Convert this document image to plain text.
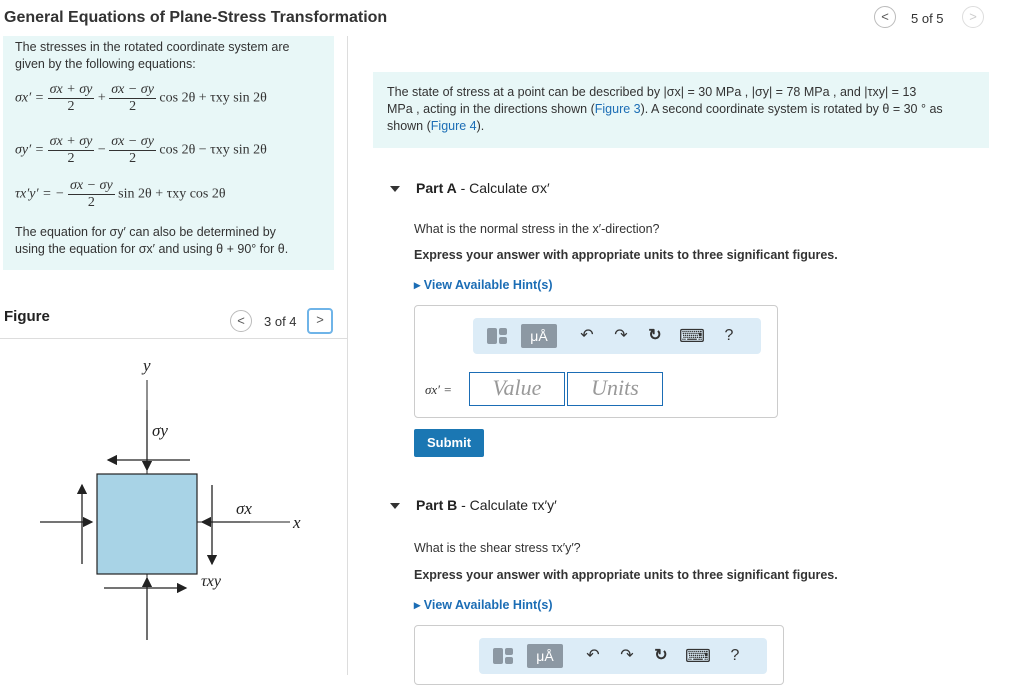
General Equations of Plane-Stress Transformation	<	5 of 5	>
The stresses in the rotated coordinate system are
given by the following equations:
$\sigma x' = \frac{\sigma x + \sigma y}{2} + \frac{\sigma x - \sigma y}{2}$ cos 2θ + τxy sin 2θ
$\sigma y' = \frac{\sigma x + \sigma y}{2} - \frac{\sigma x - \sigma y}{2}$ cos 2θ − τxy sin 2θ
τx′y′ = − $\frac{\sigma x - \sigma y}{2}$ sin 2θ + τxy cos 2θ
The equation for σy′ can also be determined by
using the equation for σx′ and using θ + 90° for θ.
Figure	<	3 of 4	>
y
x
σy
σx
τxy
The state of stress at a point can be described by |σx| = 30 MPa , |σy| = 78 MPa , and |τxy| = 13
MPa , acting in the directions shown (Figure 3). A second coordinate system is rotated by θ = 30 ° as
shown (Figure 4).
Part A - Calculate σx′
What is the normal stress in the x′-direction?
Express your answer with appropriate units to three significant figures.
▸ View Available Hint(s)
μÅ	↶	↷	↻ ⌨	?
σx′ =	Value	Units
Submit
Part B - Calculate τx′y′
What is the shear stress τx′y′?
Express your answer with appropriate units to three significant figures.
▸ View Available Hint(s)
μÅ	↶	↷	↻ ⌨	?
